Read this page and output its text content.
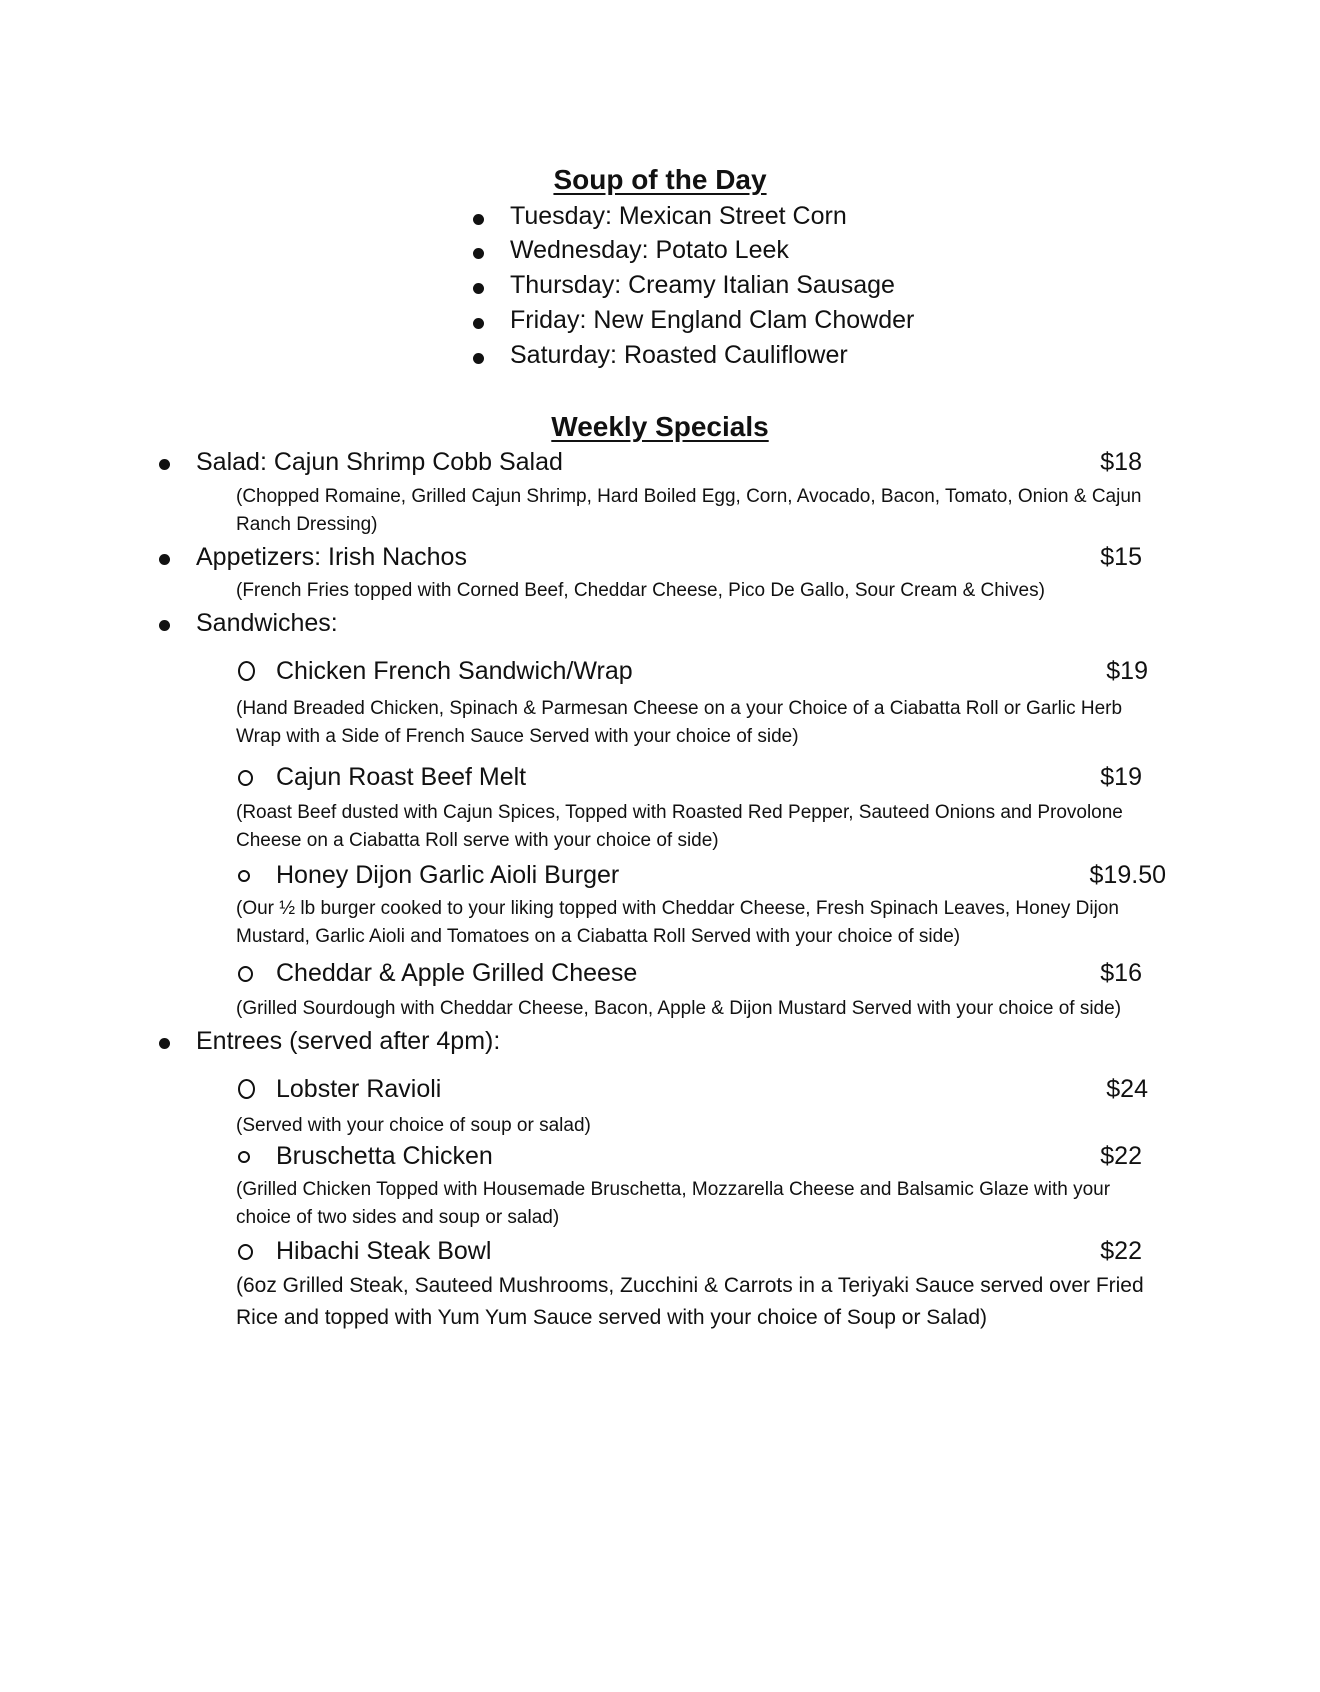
Soup of the Day
Tuesday: Mexican Street Corn
Wednesday: Potato Leek
Thursday: Creamy Italian Sausage
Friday: New England Clam Chowder
Saturday: Roasted Cauliflower
Weekly Specials
Salad: Cajun Shrimp Cobb Salad	$18
(Chopped Romaine, Grilled Cajun Shrimp, Hard Boiled Egg, Corn, Avocado, Bacon, Tomato, Onion & Cajun Ranch Dressing)
Appetizers: Irish Nachos	$15
(French Fries topped with Corned Beef, Cheddar Cheese, Pico De Gallo, Sour Cream & Chives)
Sandwiches:
Chicken French Sandwich/Wrap	$19
(Hand Breaded Chicken, Spinach & Parmesan Cheese on a your Choice of a Ciabatta Roll or Garlic Herb Wrap with a Side of French Sauce Served with your choice of side)
Cajun Roast Beef Melt	$19
(Roast Beef dusted with Cajun Spices, Topped with Roasted Red Pepper, Sauteed Onions and Provolone Cheese on a Ciabatta Roll serve with your choice of side)
Honey Dijon Garlic Aioli Burger	$19.50
(Our ½ lb burger cooked to your liking topped with Cheddar Cheese, Fresh Spinach Leaves, Honey Dijon Mustard, Garlic Aioli and Tomatoes on a Ciabatta Roll Served with your choice of side)
Cheddar & Apple Grilled Cheese	$16
(Grilled Sourdough with Cheddar Cheese, Bacon, Apple & Dijon Mustard Served with your choice of side)
Entrees (served after 4pm):
Lobster Ravioli	$24
(Served with your choice of soup or salad)
Bruschetta Chicken	$22
(Grilled Chicken Topped with Housemade Bruschetta, Mozzarella Cheese and Balsamic Glaze with your choice of two sides and soup or salad)
Hibachi Steak Bowl	$22
(6oz Grilled Steak, Sauteed Mushrooms, Zucchini & Carrots in a Teriyaki Sauce served over Fried Rice and topped with Yum Yum Sauce served with your choice of Soup or Salad)
